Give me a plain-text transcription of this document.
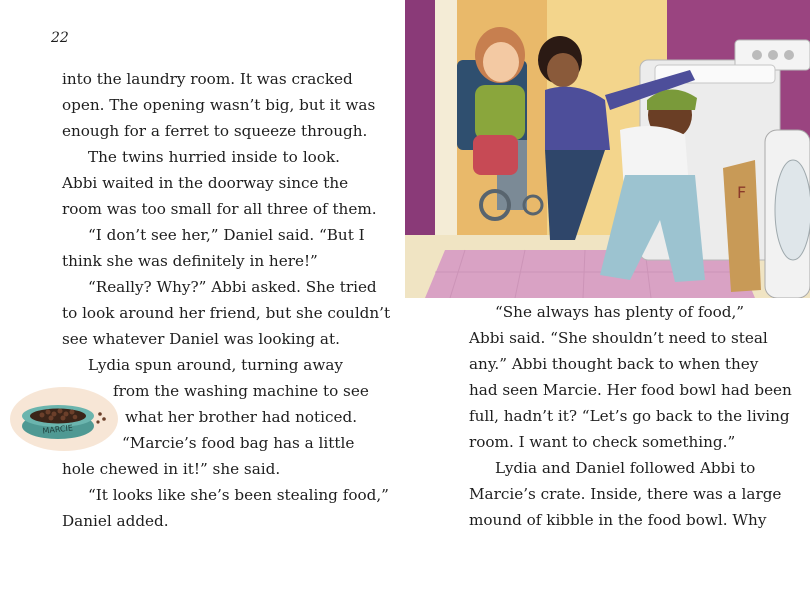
22
into the laundry room. It was cracked
open. The opening wasn’t big, but it was
enough for a ferret to squeeze through.
The twins hurried inside to look.
Abbi waited in the doorway since the
room was too small for all three of them.
“I don’t see her,” Daniel said. “But I
think she was definitely in here!”
“Really? Why?” Abbi asked. She tried
to look around her friend, but she couldn’t
see whatever Daniel was looking at.
Lydia spun around, turning away
from the washing machine to see
what her brother had noticed.
“Marcie’s food bag has a little
hole chewed in it!” she said.
“It looks like she’s been stealing food,”
Daniel added.
MARCIE
F
“She always has plenty of food,”
Abbi said. “She shouldn’t need to steal
any.” Abbi thought back to when they
had seen Marcie. Her food bowl had been
full, hadn’t it? “Let’s go back to the living
room. I want to check something.”
Lydia and Daniel followed Abbi to
Marcie’s crate. Inside, there was a large
mound of kibble in the food bowl. Why
